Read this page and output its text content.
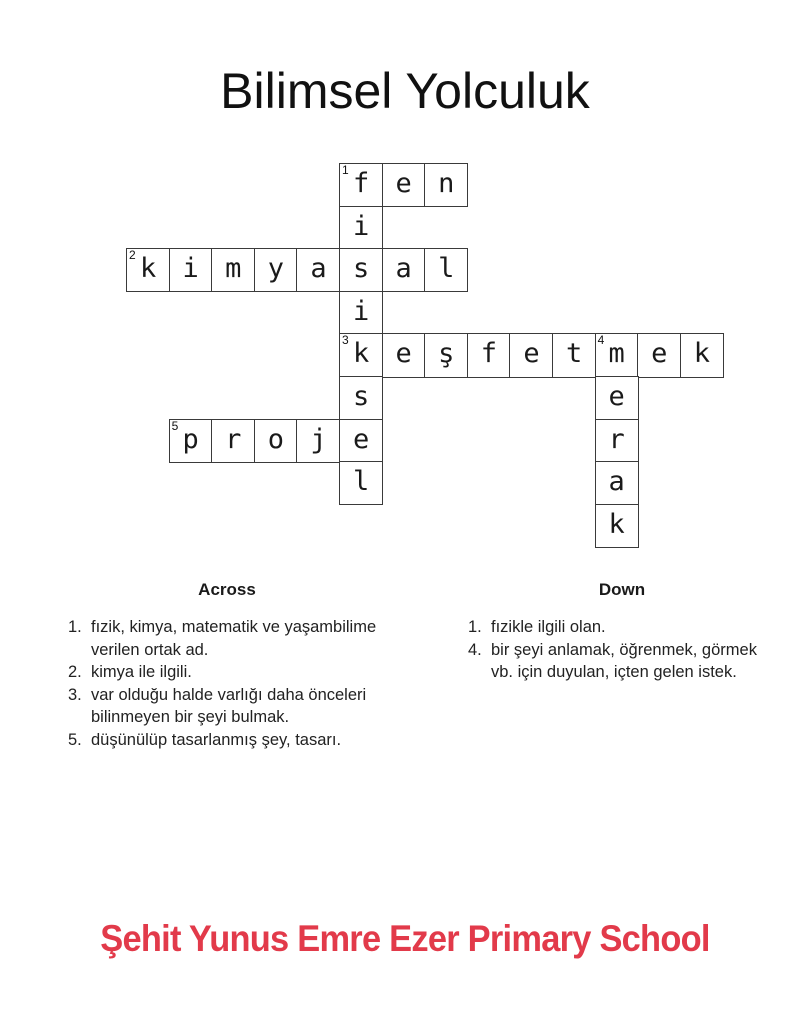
Bilimsel Yolculuk
1 f e n
i
2 k i m y a s a l
i
3 k e ş f e t	4 m e k
s	e
5 p r o j e	r
l	a
k
Across
1. fızik, kimya, matematik ve yaşambilime verilen ortak ad.
2. kimya ile ilgili.
3. var olduğu halde varlığı daha önceleri bilinmeyen bir şeyi bulmak.
5. düşünülüp tasarlanmış şey, tasarı.
Down
1. fızikle ilgili olan.
4. bir şeyi anlamak, öğrenmek, görmek vb. için duyulan, içten gelen istek.
Şehit Yunus Emre Ezer Primary School
